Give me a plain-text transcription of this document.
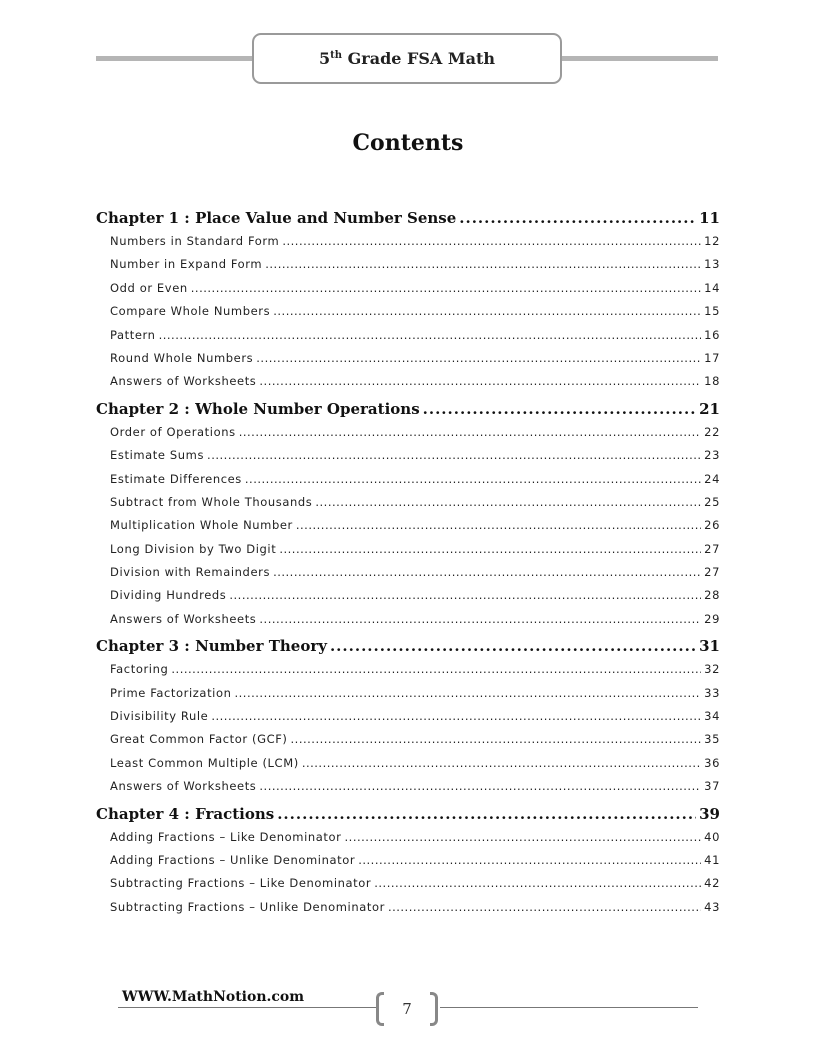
5th Grade FSA Math
Contents
Chapter 1 : Place Value and Number Sense .....	11
Numbers in Standard Form .....	12
Number in Expand Form .....	13
Odd or Even .....	14
Compare Whole Numbers .....	15
Pattern .....	16
Round Whole Numbers .....	17
Answers of Worksheets .....	18
Chapter 2 : Whole Number Operations .....	21
Order of Operations .....	22
Estimate Sums .....	23
Estimate Differences .....	24
Subtract from Whole Thousands .....	25
Multiplication Whole Number .....	26
Long Division by Two Digit .....	27
Division with Remainders .....	27
Dividing Hundreds .....	28
Answers of Worksheets .....	29
Chapter 3 : Number Theory .....	31
Factoring .....	32
Prime Factorization .....	33
Divisibility Rule .....	34
Great Common Factor (GCF) .....	35
Least Common Multiple (LCM) .....	36
Answers of Worksheets .....	37
Chapter 4 : Fractions .....	39
Adding Fractions – Like Denominator .....	40
Adding Fractions – Unlike Denominator .....	41
Subtracting Fractions – Like Denominator .....	42
Subtracting Fractions – Unlike Denominator .....	43
WWW.MathNotion.com
7
